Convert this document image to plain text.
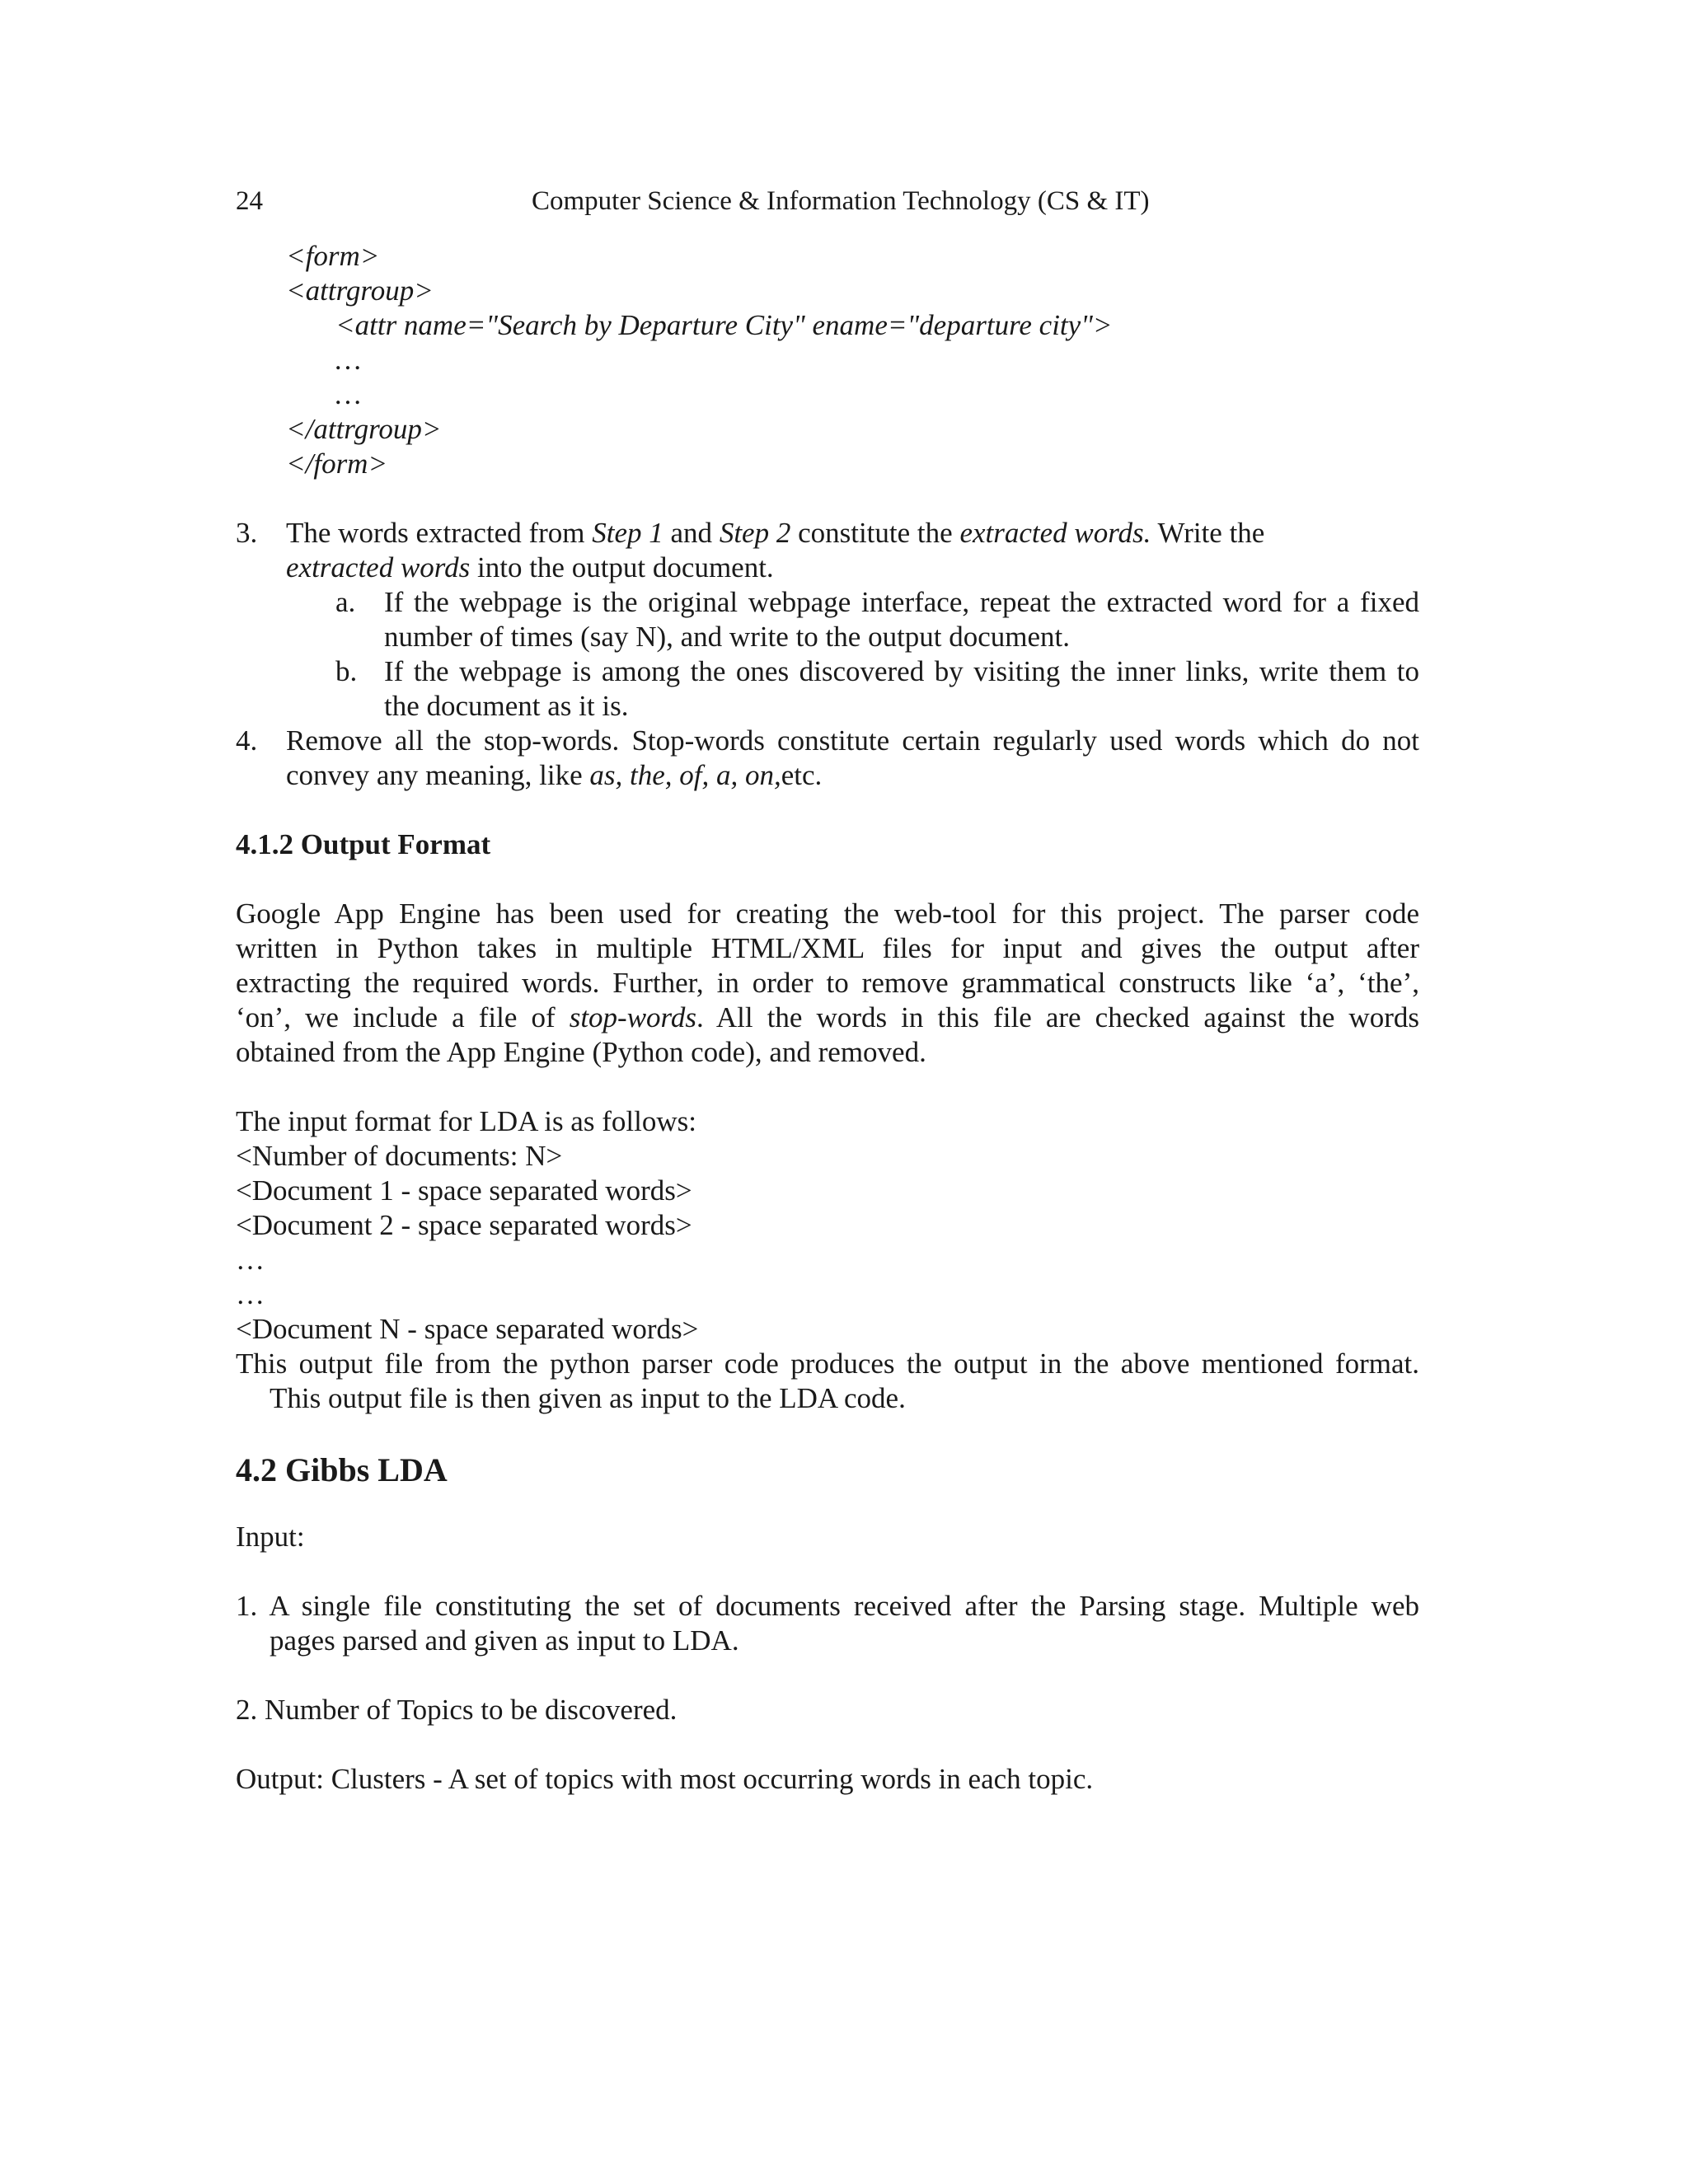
24	Computer Science & Information Technology (CS & IT)
<form>
<attrgroup>
<attr name="Search by Departure City" ename="departure city">
…
…
</attrgroup>
</form>
3. The words extracted from Step 1 and Step 2 constitute the extracted words. Write the
extracted words into the output document.
a. If the webpage is the original webpage interface, repeat the extracted word for a fixed
number of times (say N), and write to the output document.
b. If the webpage is among the ones discovered by visiting the inner links, write them to
the document as it is.
4. Remove all the stop-words. Stop-words constitute certain regularly used words which do not
convey any meaning, like as, the, of, a, on,etc.
4.1.2 Output Format
Google App Engine has been used for creating the web-tool for this project. The parser code
written in Python takes in multiple HTML/XML files for input and gives the output after
extracting the required words. Further, in order to remove grammatical constructs like ‘a’, ‘the’,
‘on’, we include a file of stop-words. All the words in this file are checked against the words
obtained from the App Engine (Python code), and removed.
The input format for LDA is as follows:
<Number of documents: N>
<Document 1 - space separated words>
<Document 2 - space separated words>
…
…
<Document N - space separated words>
This output file from the python parser code produces the output in the above mentioned format.
This output file is then given as input to the LDA code.
4.2 Gibbs LDA
Input:
1. A single file constituting the set of documents received after the Parsing stage. Multiple web
pages parsed and given as input to LDA.
2. Number of Topics to be discovered.
Output: Clusters - A set of topics with most occurring words in each topic.
